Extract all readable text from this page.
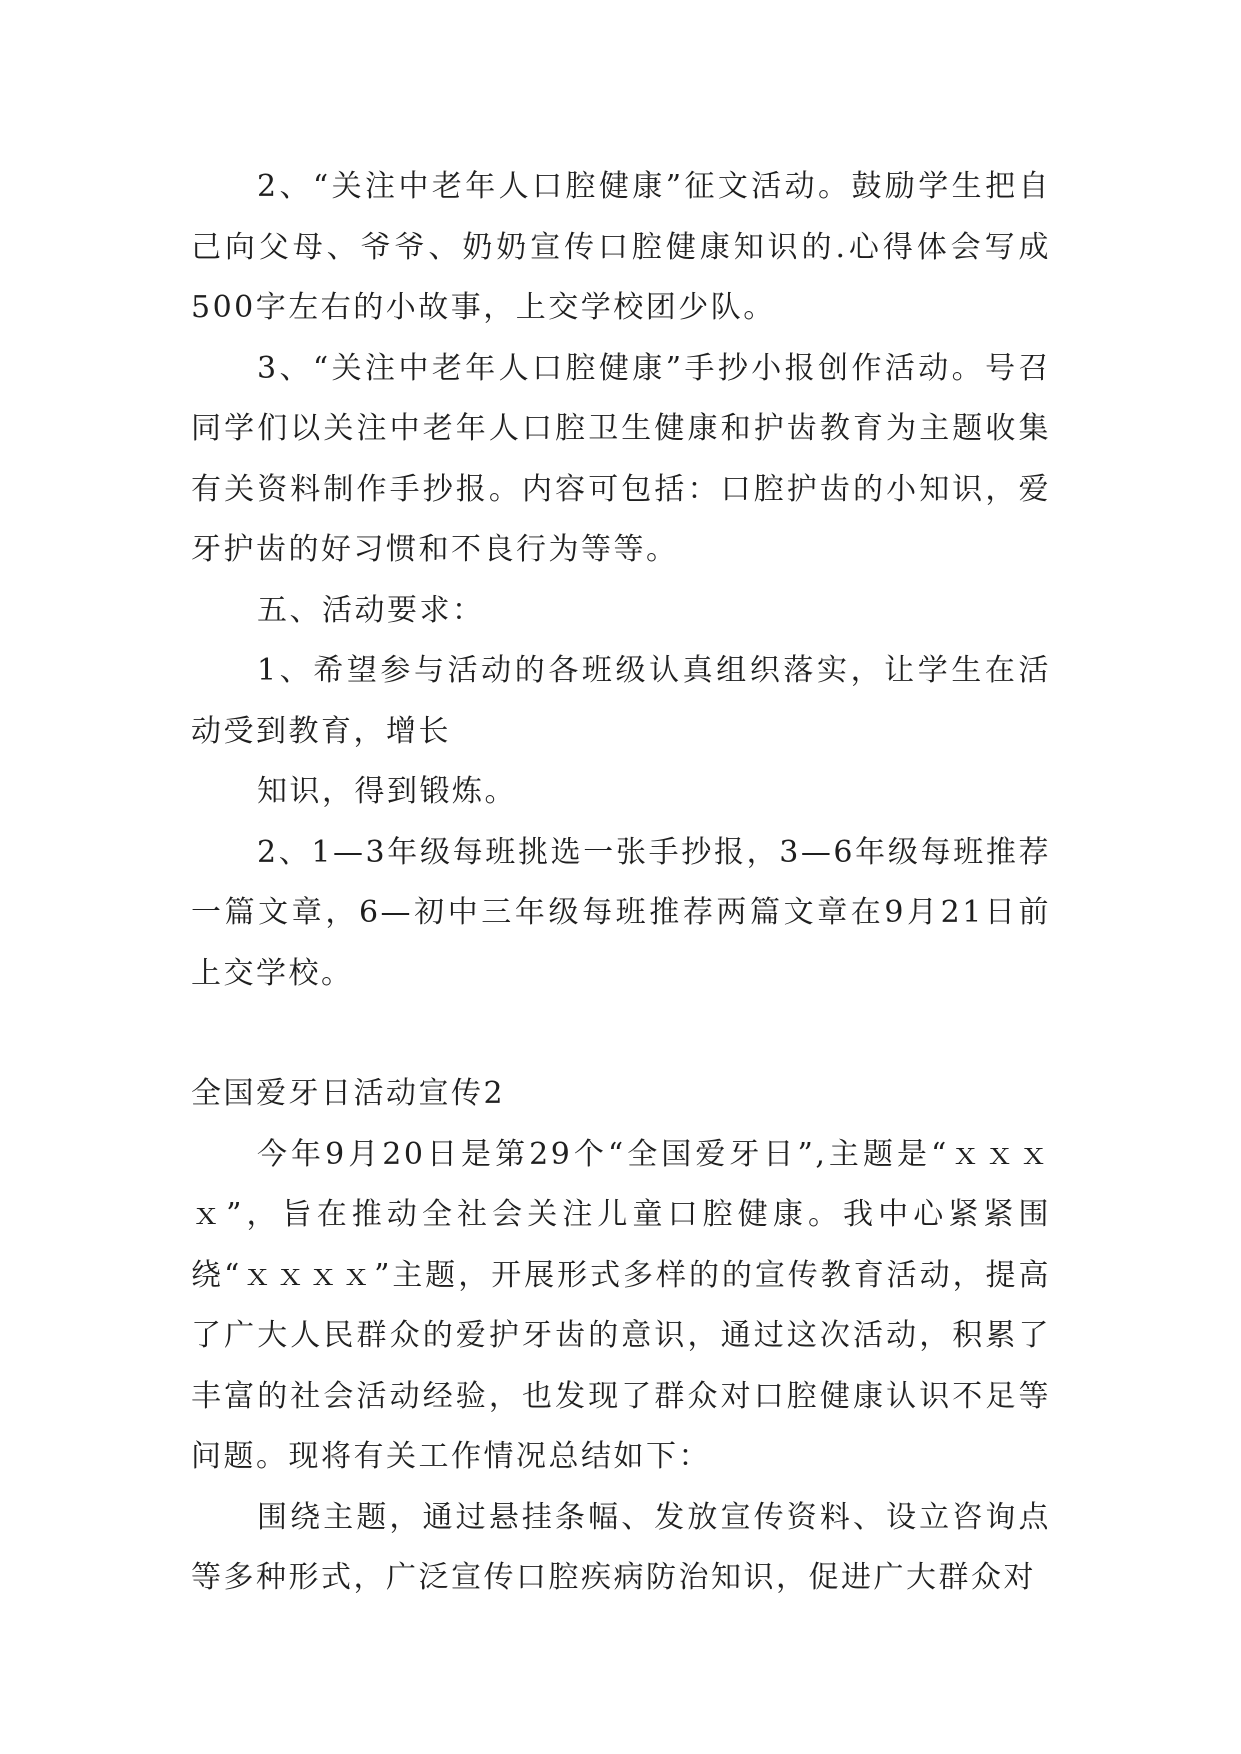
2、“关注中老年人口腔健康”征文活动。鼓励学生把自己向父母、爷爷、奶奶宣传口腔健康知识的.心得体会写成500字左右的小故事，上交学校团少队。

3、“关注中老年人口腔健康”手抄小报创作活动。号召同学们以关注中老年人口腔卫生健康和护齿教育为主题收集有关资料制作手抄报。内容可包括：口腔护齿的小知识，爱牙护齿的好习惯和不良行为等等。

五、活动要求：

1、希望参与活动的各班级认真组织落实，让学生在活动受到教育，增长

知识，得到锻炼。

2、1—3年级每班挑选一张手抄报，3—6年级每班推荐一篇文章，6—初中三年级每班推荐两篇文章在9月21日前上交学校。

全国爱牙日活动宣传2

今年9月20日是第29个“全国爱牙日”,主题是“ｘｘｘｘ”，旨在推动全社会关注儿童口腔健康。我中心紧紧围绕“ｘｘｘｘ”主题，开展形式多样的的宣传教育活动，提高了广大人民群众的爱护牙齿的意识，通过这次活动，积累了丰富的社会活动经验，也发现了群众对口腔健康认识不足等问题。现将有关工作情况总结如下：

围绕主题，通过悬挂条幅、发放宣传资料、设立咨询点等多种形式，广泛宣传口腔疾病防治知识，促进广大群众对
